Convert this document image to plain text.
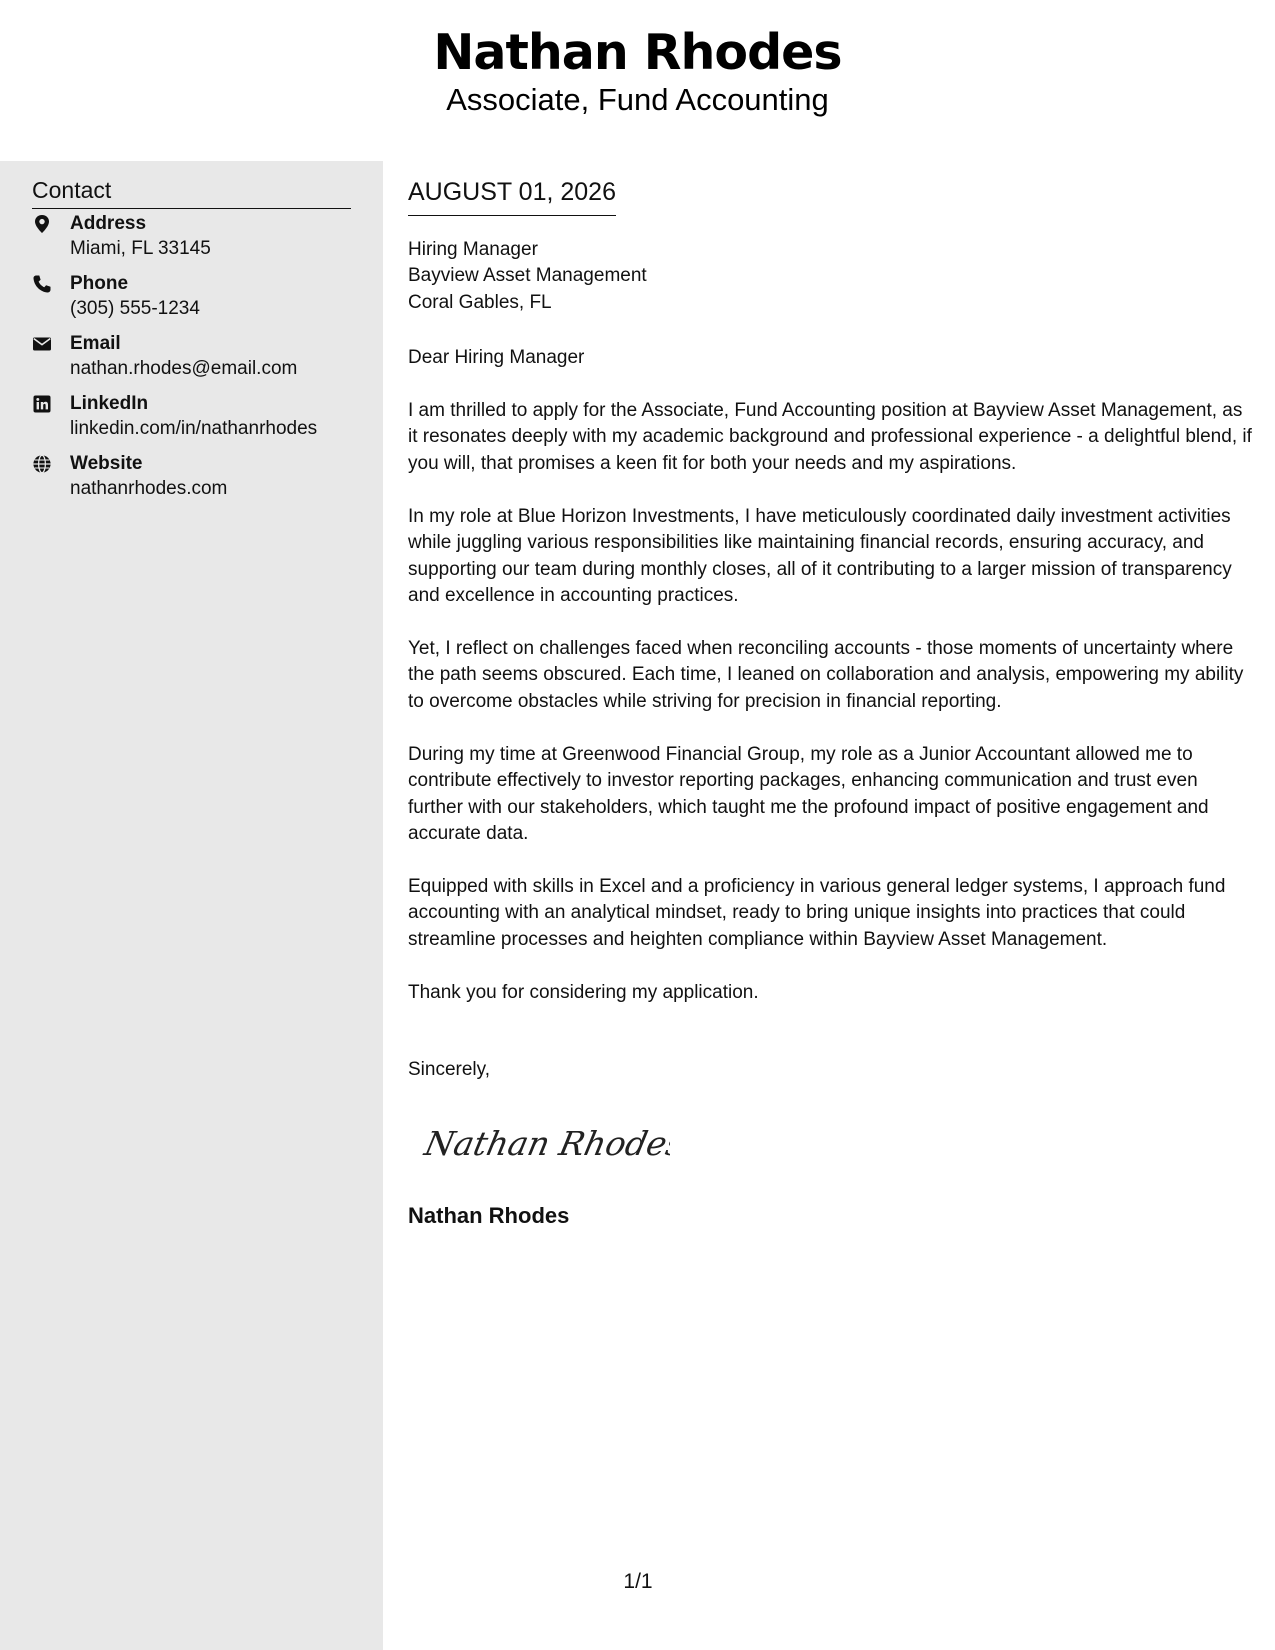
Nathan Rhodes
Associate, Fund Accounting
Contact
Address
Miami, FL 33145
Phone
(305) 555-1234
Email
nathan.rhodes@email.com
LinkedIn
linkedin.com/in/nathanrhodes
Website
nathanrhodes.com
AUGUST 01, 2026
Hiring Manager
Bayview Asset Management
Coral Gables, FL
Dear Hiring Manager

I am thrilled to apply for the Associate, Fund Accounting position at Bayview Asset Management, as it resonates deeply with my academic background and professional experience - a delightful blend, if you will, that promises a keen fit for both your needs and my aspirations.

In my role at Blue Horizon Investments, I have meticulously coordinated daily investment activities while juggling various responsibilities like maintaining financial records, ensuring accuracy, and supporting our team during monthly closes, all of it contributing to a larger mission of transparency and excellence in accounting practices.

Yet, I reflect on challenges faced when reconciling accounts - those moments of uncertainty where the path seems obscured. Each time, I leaned on collaboration and analysis, empowering my ability to overcome obstacles while striving for precision in financial reporting.

During my time at Greenwood Financial Group, my role as a Junior Accountant allowed me to contribute effectively to investor reporting packages, enhancing communication and trust even further with our stakeholders, which taught me the profound impact of positive engagement and accurate data.

Equipped with skills in Excel and a proficiency in various general ledger systems, I approach fund accounting with an analytical mindset, ready to bring unique insights into practices that could streamline processes and heighten compliance within Bayview Asset Management.

Thank you for considering my application.

Sincerely,
Nathan Rhodes
Nathan Rhodes
1/1
